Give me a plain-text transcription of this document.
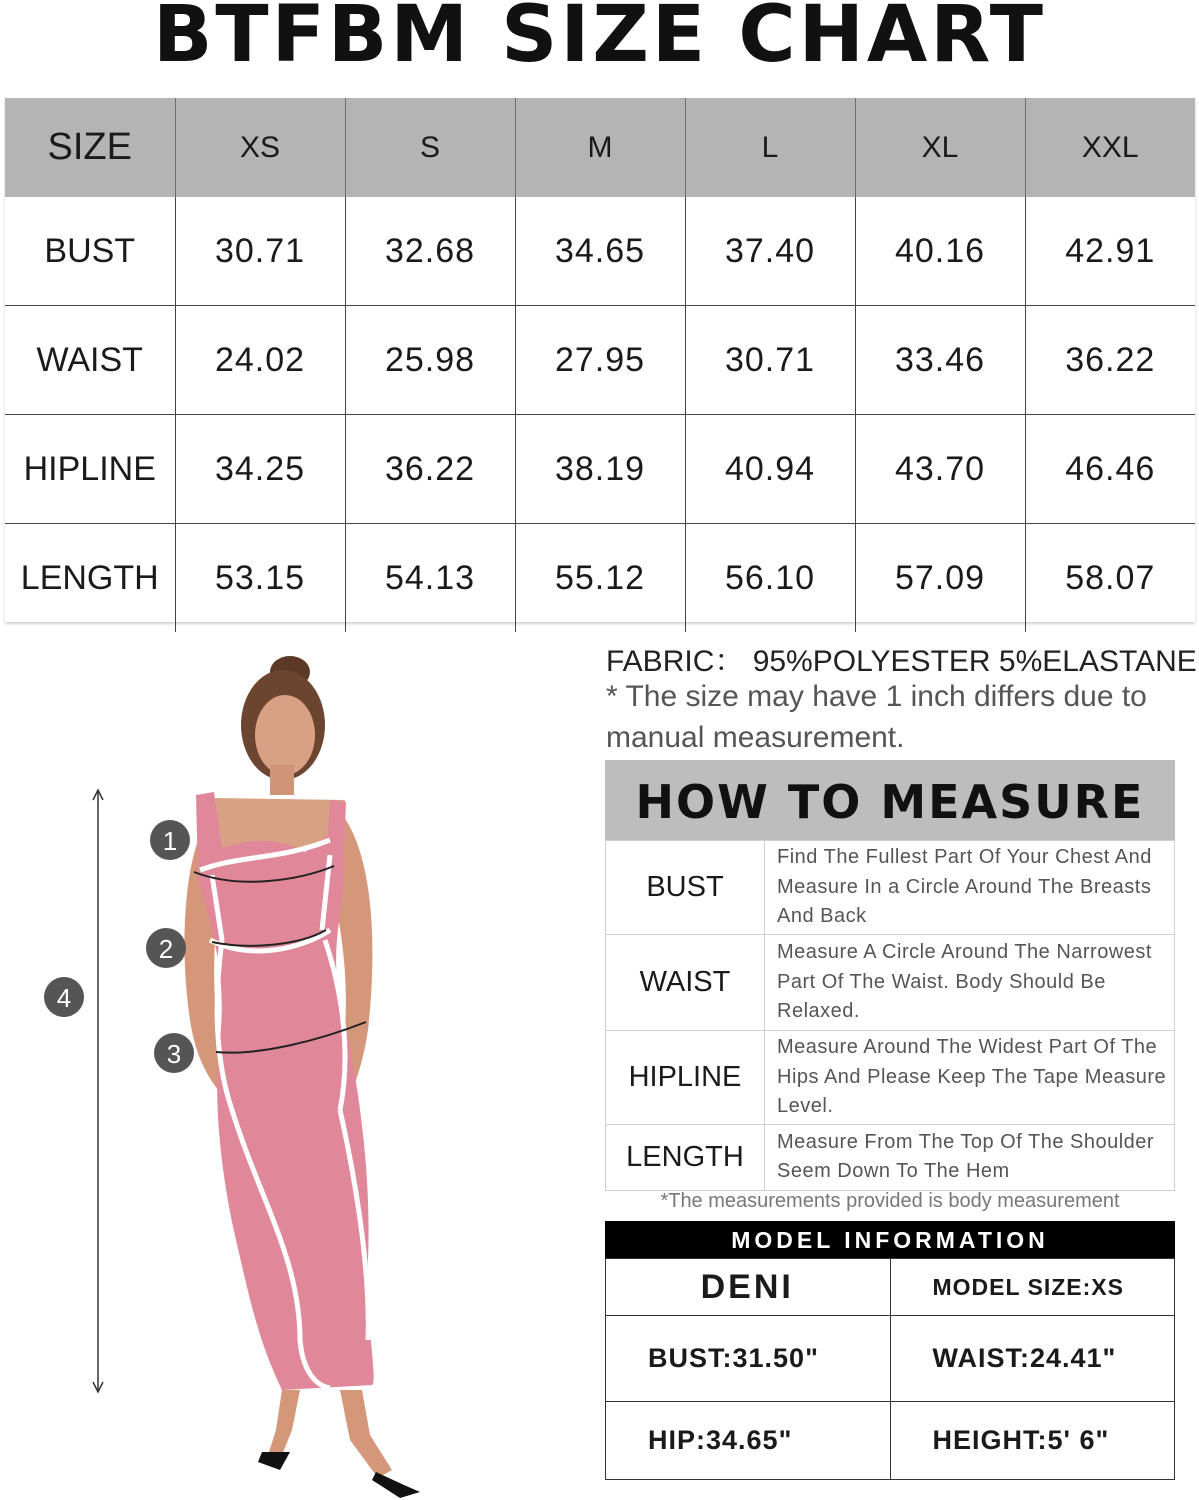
BTFBM SIZE CHART
SIZE	XS	S	M	L	XL	XXL
BUST	30.71	32.68	34.65	37.40	40.16	42.91
WAIST	24.02	25.98	27.95	30.71	33.46	36.22
HIPLINE	34.25	36.22	38.19	40.94	43.70	46.46
LENGTH	53.15	54.13	55.12	56.10	57.09	58.07
1
2
3
4
FABRIC： 95%POLYESTER 5%ELASTANE
* The size may have 1 inch differs due to manual measurement.
HOW TO MEASURE
BUST	Find The Fullest Part Of Your Chest And Measure In a Circle Around The Breasts And Back
WAIST	Measure A Circle Around The Narrowest Part Of The Waist. Body Should Be Relaxed.
HIPLINE	Measure Around The Widest Part Of The Hips And Please Keep The Tape Measure Level.
LENGTH	Measure From The Top Of The Shoulder Seem Down To The Hem
*The measurements provided is body measurement
MODEL INFORMATION
DENI	MODEL SIZE:XS
BUST:31.50"	WAIST:24.41"
HIP:34.65"	HEIGHT:5' 6"
